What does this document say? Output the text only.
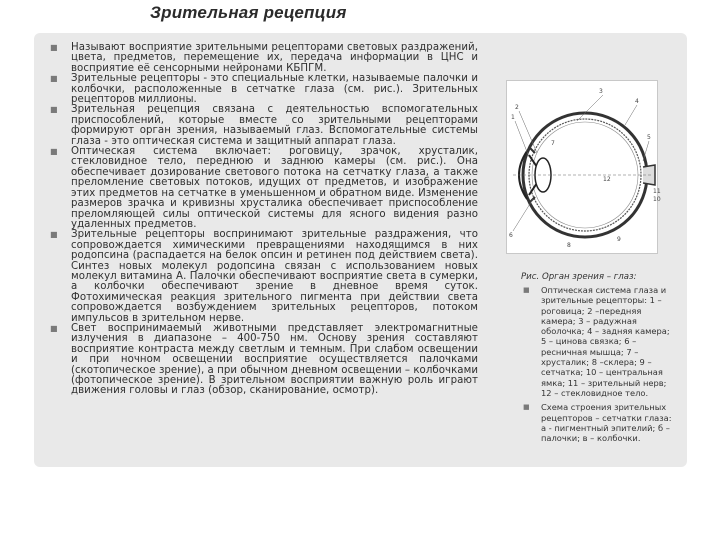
Зрительная рецепция
■ Называют восприятие зрительными рецепторами световых раздражений, цвета, предметов, перемещение их, передача информации в ЦНС и восприятие её сенсорными нейронами КБПГМ.

■ Зрительные рецепторы - это специальные клетки, называемые палочки и колбочки, расположенные в сетчатке глаза (см. рис.). Зрительных рецепторов миллионы.

■ Зрительная рецепция связана с деятельностью вспомогательных приспособлений, которые вместе со зрительными рецепторами формируют орган зрения, называемый глаз. Вспомогательные системы глаза - это оптическая система и защитный аппарат глаза.

■ Оптическая система включает: роговицу, зрачок, хрусталик, стекловидное тело, переднюю и заднюю камеры (см. рис.). Она обеспечивает дозирование светового потока на сетчатку глаза, а также преломление световых потоков, идущих от предметов, и изображение этих предметов на сетчатке в уменьшенном и обратном виде. Изменение размеров зрачка и кривизны хрусталика обеспечивает приспособление преломляющей силы оптической системы для ясного видения разно удаленных предметов.

■ Зрительные рецепторы воспринимают зрительные раздражения, что сопровождается химическими превращениями находящимся в них родопсина (распадается на белок опсин и ретинен под действием света). Синтез новых молекул родопсина связан с использованием новых молекул витамина А. Палочки обеспечивают восприятие света в сумерки, а колбочки обеспечивают зрение в дневное время суток. Фотохимическая реакция зрительного пигмента при действии света сопровождается возбуждением зрительных рецепторов, потоком импульсов в зрительном нерве.

■ Свет воспринимаемый животными представляет электромагнитные излучения в диапазоне – 400-750 нм. Основу зрения составляют восприятие контраста между светлым и темным. При слабом освещении и при ночном освещении восприятие осуществляется палочками (скотопическое зрение), а при обычном дневном освещении – колбочками (фотопическое зрение). В зрительном восприятии важную роль играют движения головы и глаз (обзор, сканирование, осмотр).

1
2
3
4
5
6
7
8
9
10
11
12
Рис. Орган зрения – глаз:
■ Оптическая система глаза и зрительные рецепторы: 1 –роговица; 2 –передняя камера; 3 – радужная оболочка; 4 – задняя камера; 5 – цинова связка; 6 – ресничная мышца; 7 – хрусталик; 8 –склера; 9 –сетчатка; 10 – центральная ямка; 11 – зрительный нерв; 12 – стекловидное тело.
■ Схема строения зрительных рецепторов – сетчатки глаза: а - пигментный эпителий; б –палочки; в – колбочки.
